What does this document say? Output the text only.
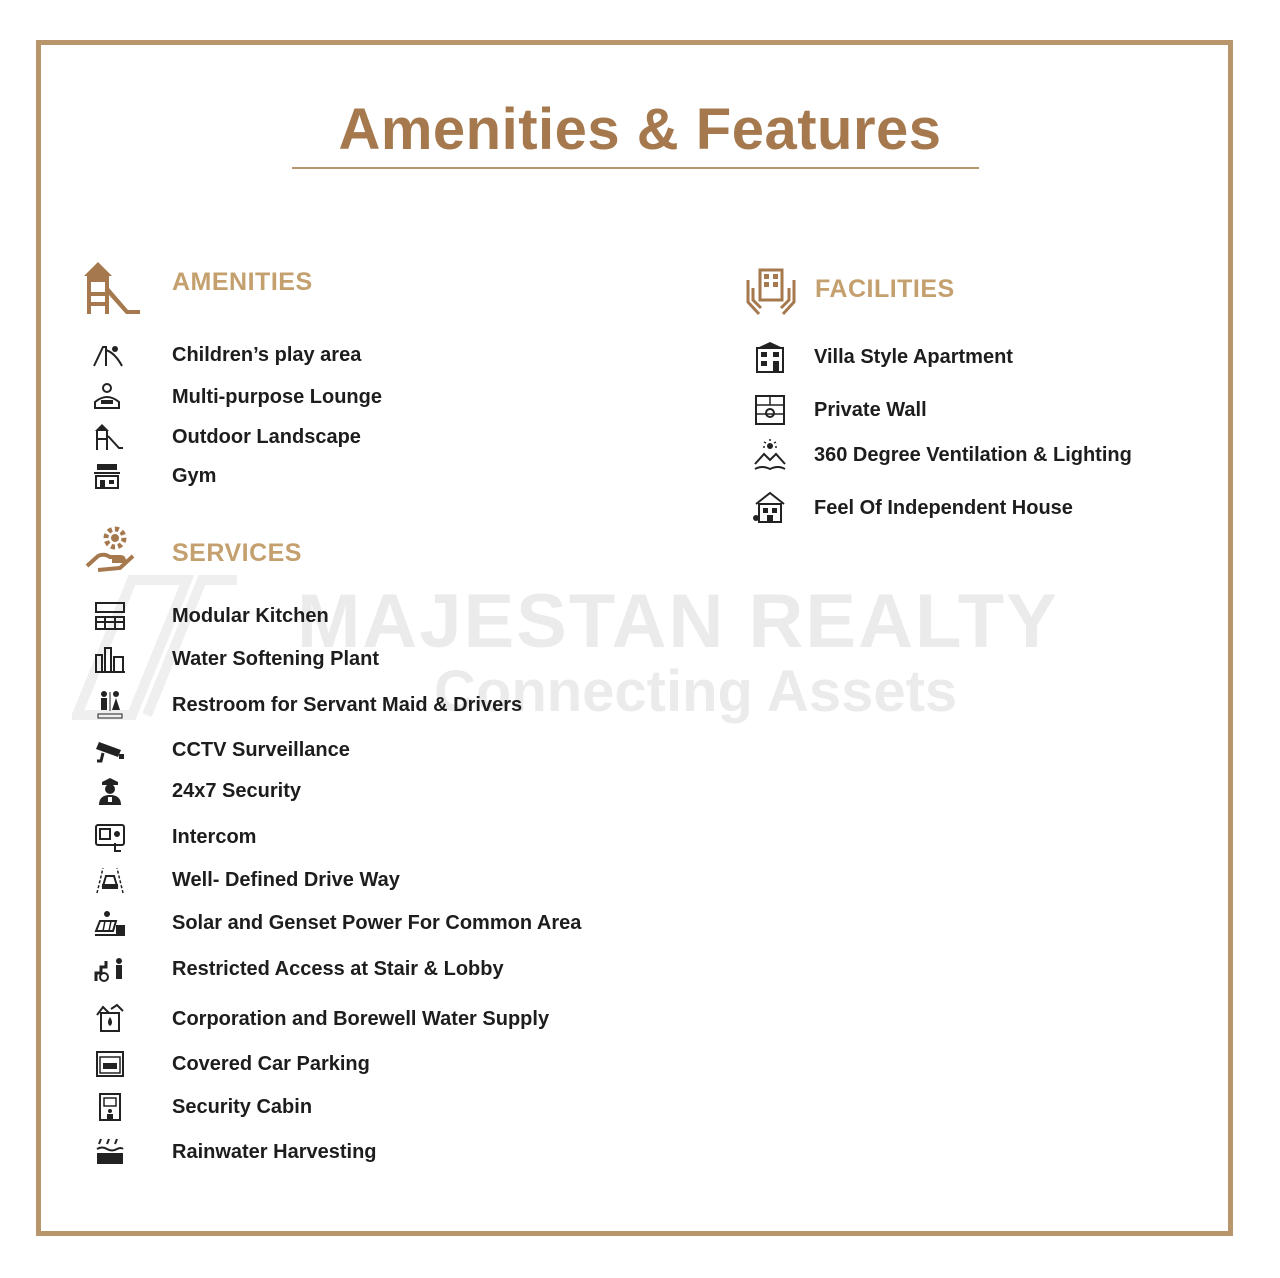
Amenities & Features
MAJESTAN REALTY
Connecting Assets
AMENITIES
Children’s play area
Multi-purpose Lounge
Outdoor Landscape
Gym
SERVICES
Modular Kitchen
Water Softening Plant
Restroom for Servant Maid & Drivers
CCTV Surveillance
24x7 Security
Intercom
Well- Defined Drive Way
Solar and Genset Power For Common Area
Restricted Access at Stair & Lobby
Corporation and Borewell Water Supply
Covered Car Parking
Security Cabin
Rainwater Harvesting
FACILITIES
Villa Style Apartment
Private Wall
360 Degree Ventilation & Lighting
Feel Of Independent House
